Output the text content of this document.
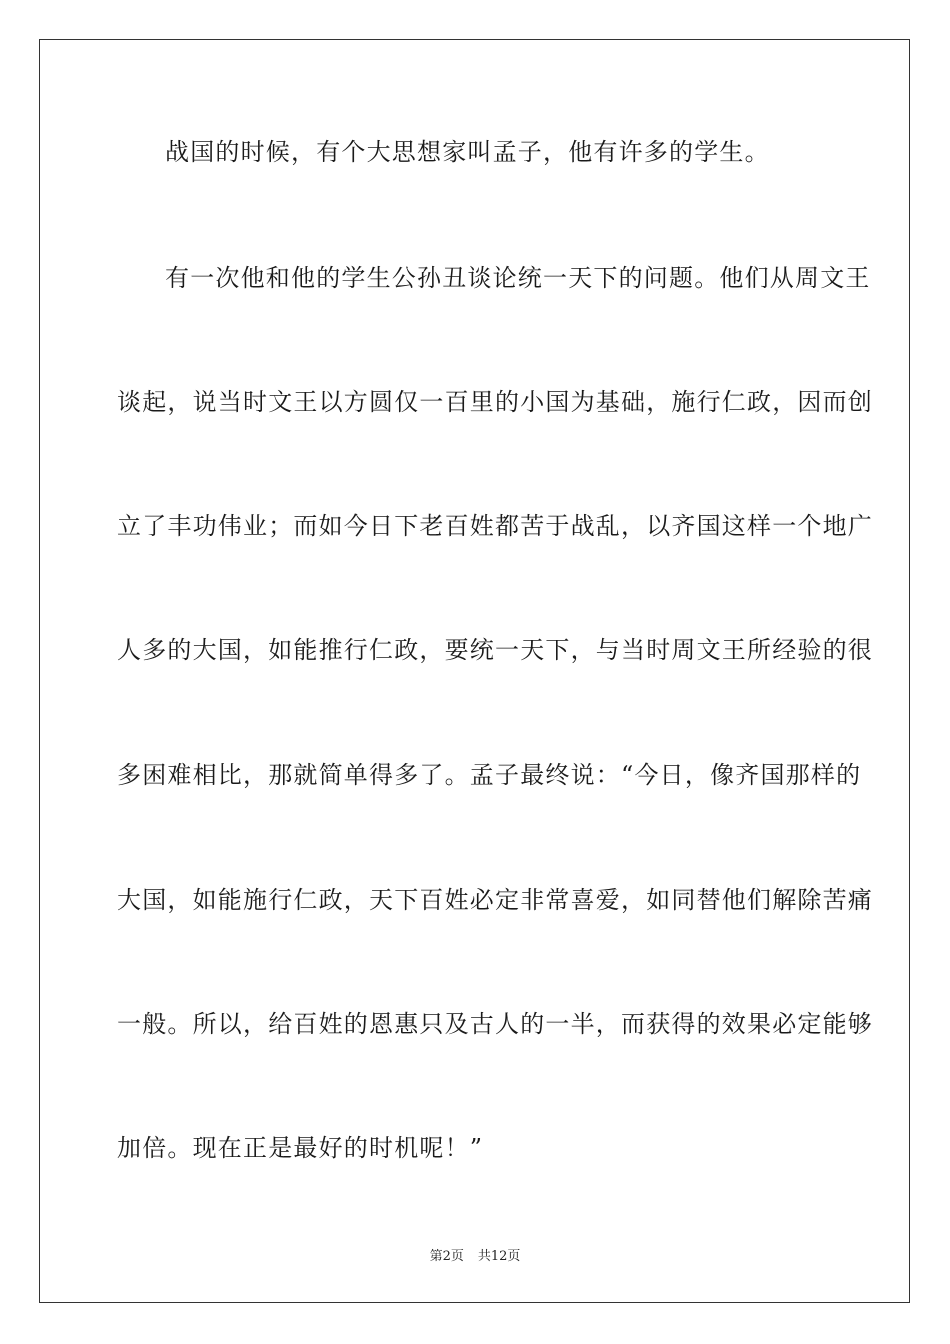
战国的时候，有个大思想家叫孟子，他有许多的学生。
有一次他和他的学生公孙丑谈论统一天下的问题。他们从周文王
谈起，说当时文王以方圆仅一百里的小国为基础，施行仁政，因而创
立了丰功伟业；而如今日下老百姓都苦于战乱，以齐国这样一个地广
人多的大国，如能推行仁政，要统一天下，与当时周文王所经验的很
多困难相比，那就简单得多了。孟子最终说：“今日，像齐国那样的
大国，如能施行仁政，天下百姓必定非常喜爱，如同替他们解除苦痛
一般。所以，给百姓的恩惠只及古人的一半，而获得的效果必定能够
加倍。现在正是最好的时机呢！”
第2页 共12页
